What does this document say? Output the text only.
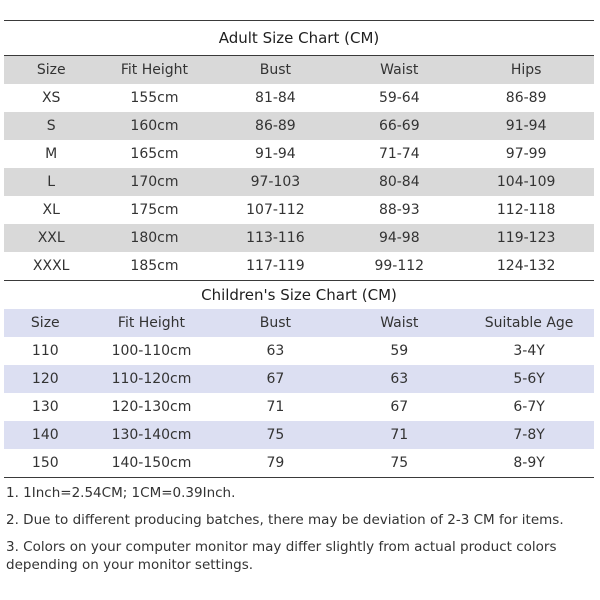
Adult Size Chart (CM)
Size	Fit Height	Bust	Waist	Hips
XS	155cm	81-84	59-64	86-89
S	160cm	86-89	66-69	91-94
M	165cm	91-94	71-74	97-99
L	170cm	97-103	80-84	104-109
XL	175cm	107-112	88-93	112-118
XXL	180cm	113-116	94-98	119-123
XXXL	185cm	117-119	99-112	124-132
Children's Size Chart (CM)
Size	Fit Height	Bust	Waist	Suitable Age
110	100-110cm	63	59	3-4Y
120	110-120cm	67	63	5-6Y
130	120-130cm	71	67	6-7Y
140	130-140cm	75	71	7-8Y
150	140-150cm	79	75	8-9Y
1. 1Inch=2.54CM; 1CM=0.39Inch.
2. Due to different producing batches, there may be deviation of 2-3 CM for items.
3. Colors on your computer monitor may differ slightly from actual product colors
depending on your monitor settings.
